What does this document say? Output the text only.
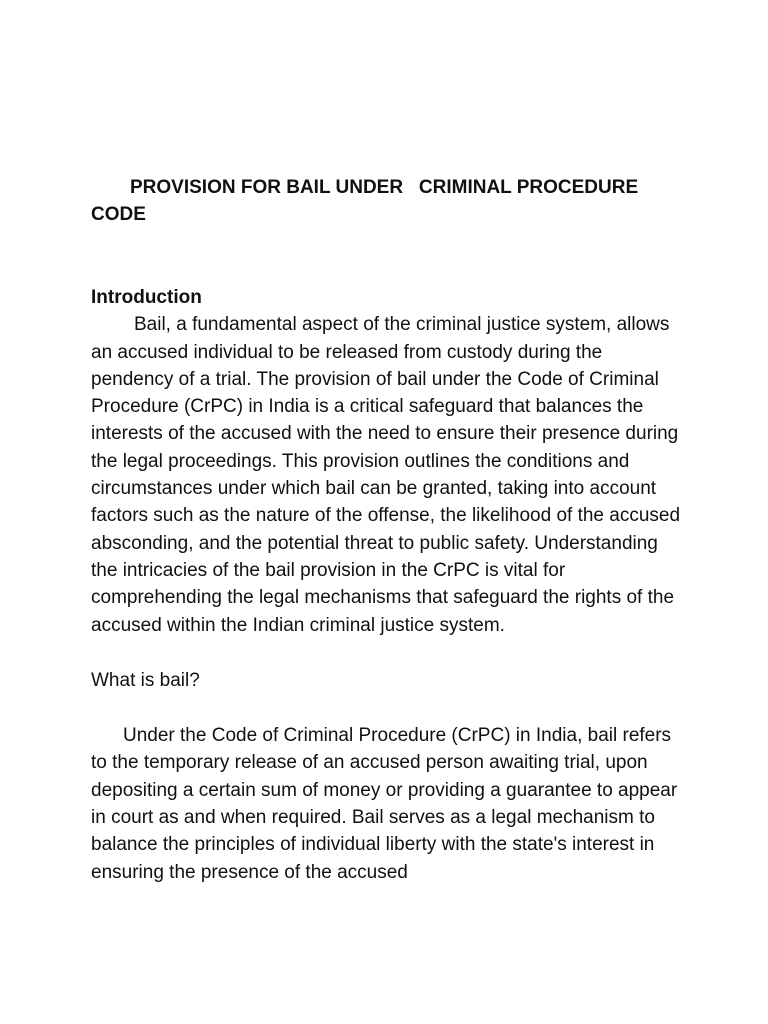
PROVISION FOR BAIL UNDER   CRIMINAL PROCEDURE CODE

Introduction

Bail, a fundamental aspect of the criminal justice system, allows an accused individual to be released from custody during the pendency of a trial. The provision of bail under the Code of Criminal Procedure (CrPC) in India is a critical safeguard that balances the interests of the accused with the need to ensure their presence during the legal proceedings. This provision outlines the conditions and circumstances under which bail can be granted, taking into account factors such as the nature of the offense, the likelihood of the accused absconding, and the potential threat to public safety. Understanding the intricacies of the bail provision in the CrPC is vital for comprehending the legal mechanisms that safeguard the rights of the accused within the Indian criminal justice system.

What is bail?

Under the Code of Criminal Procedure (CrPC) in India, bail refers to the temporary release of an accused person awaiting trial, upon depositing a certain sum of money or providing a guarantee to appear in court as and when required. Bail serves as a legal mechanism to balance the principles of individual liberty with the state's interest in ensuring the presence of the accused
